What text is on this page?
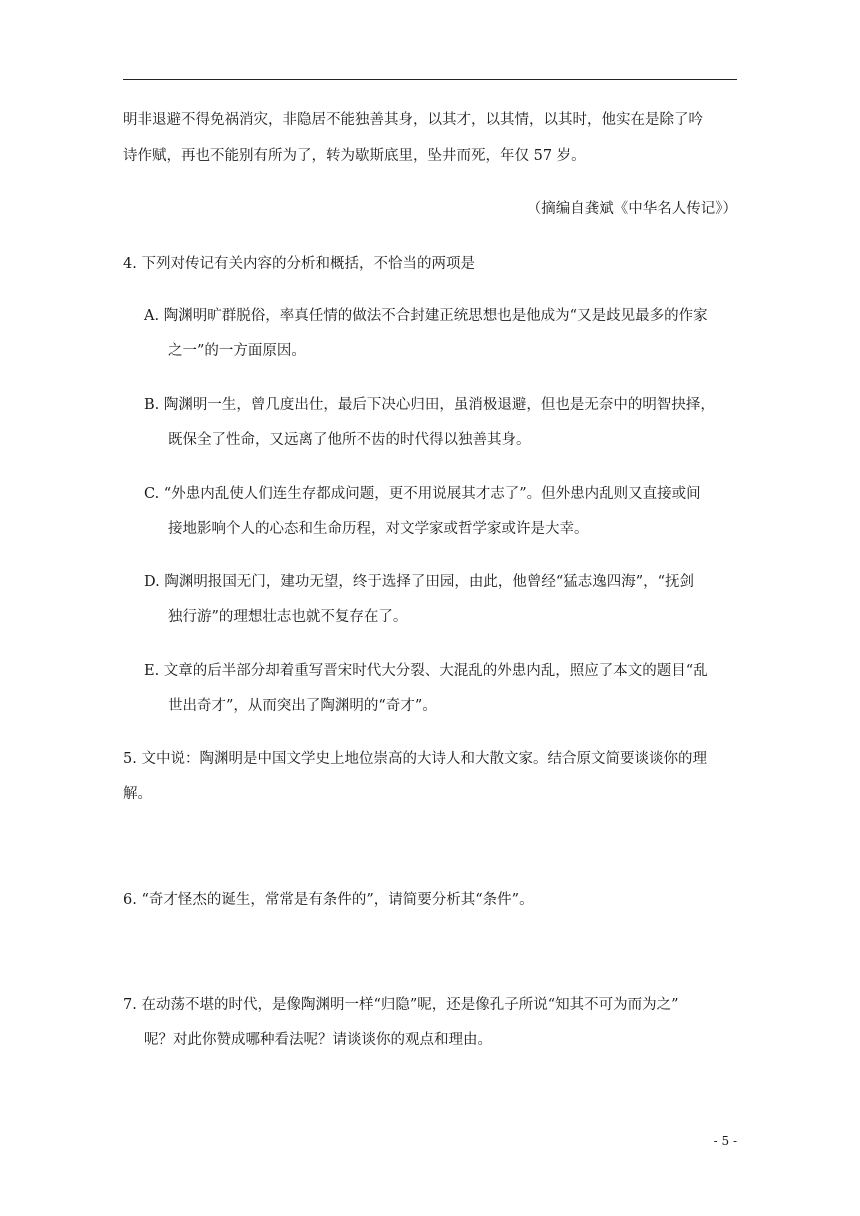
明非退避不得免祸消灾，非隐居不能独善其身，以其才，以其情，以其时，他实在是除了吟
诗作赋，再也不能别有所为了，转为歇斯底里，坠井而死，年仅 57 岁。
（摘编自龚斌《中华名人传记》）
4. 下列对传记有关内容的分析和概括，不恰当的两项是
A. 陶渊明旷群脱俗，率真任情的做法不合封建正统思想也是他成为“又是歧见最多的作家
之一”的一方面原因。
B. 陶渊明一生，曾几度出仕，最后下决心归田，虽消极退避，但也是无奈中的明智抉择，
既保全了性命，又远离了他所不齿的时代得以独善其身。
C. “外患内乱使人们连生存都成问题，更不用说展其才志了”。但外患内乱则又直接或间
接地影响个人的心态和生命历程，对文学家或哲学家或许是大幸。
D. 陶渊明报国无门，建功无望，终于选择了田园，由此，他曾经“猛志逸四海”，“抚剑
独行游”的理想壮志也就不复存在了。
E. 文章的后半部分却着重写晋宋时代大分裂、大混乱的外患内乱，照应了本文的题目“乱
世出奇才”，从而突出了陶渊明的“奇才”。
5. 文中说：陶渊明是中国文学史上地位崇高的大诗人和大散文家。结合原文简要谈谈你的理
解。
6. “奇才怪杰的诞生，常常是有条件的”，请简要分析其“条件”。
7. 在动荡不堪的时代，是像陶渊明一样“归隐”呢，还是像孔子所说“知其不可为而为之”
呢？对此你赞成哪种看法呢？请谈谈你的观点和理由。
- 5 -
